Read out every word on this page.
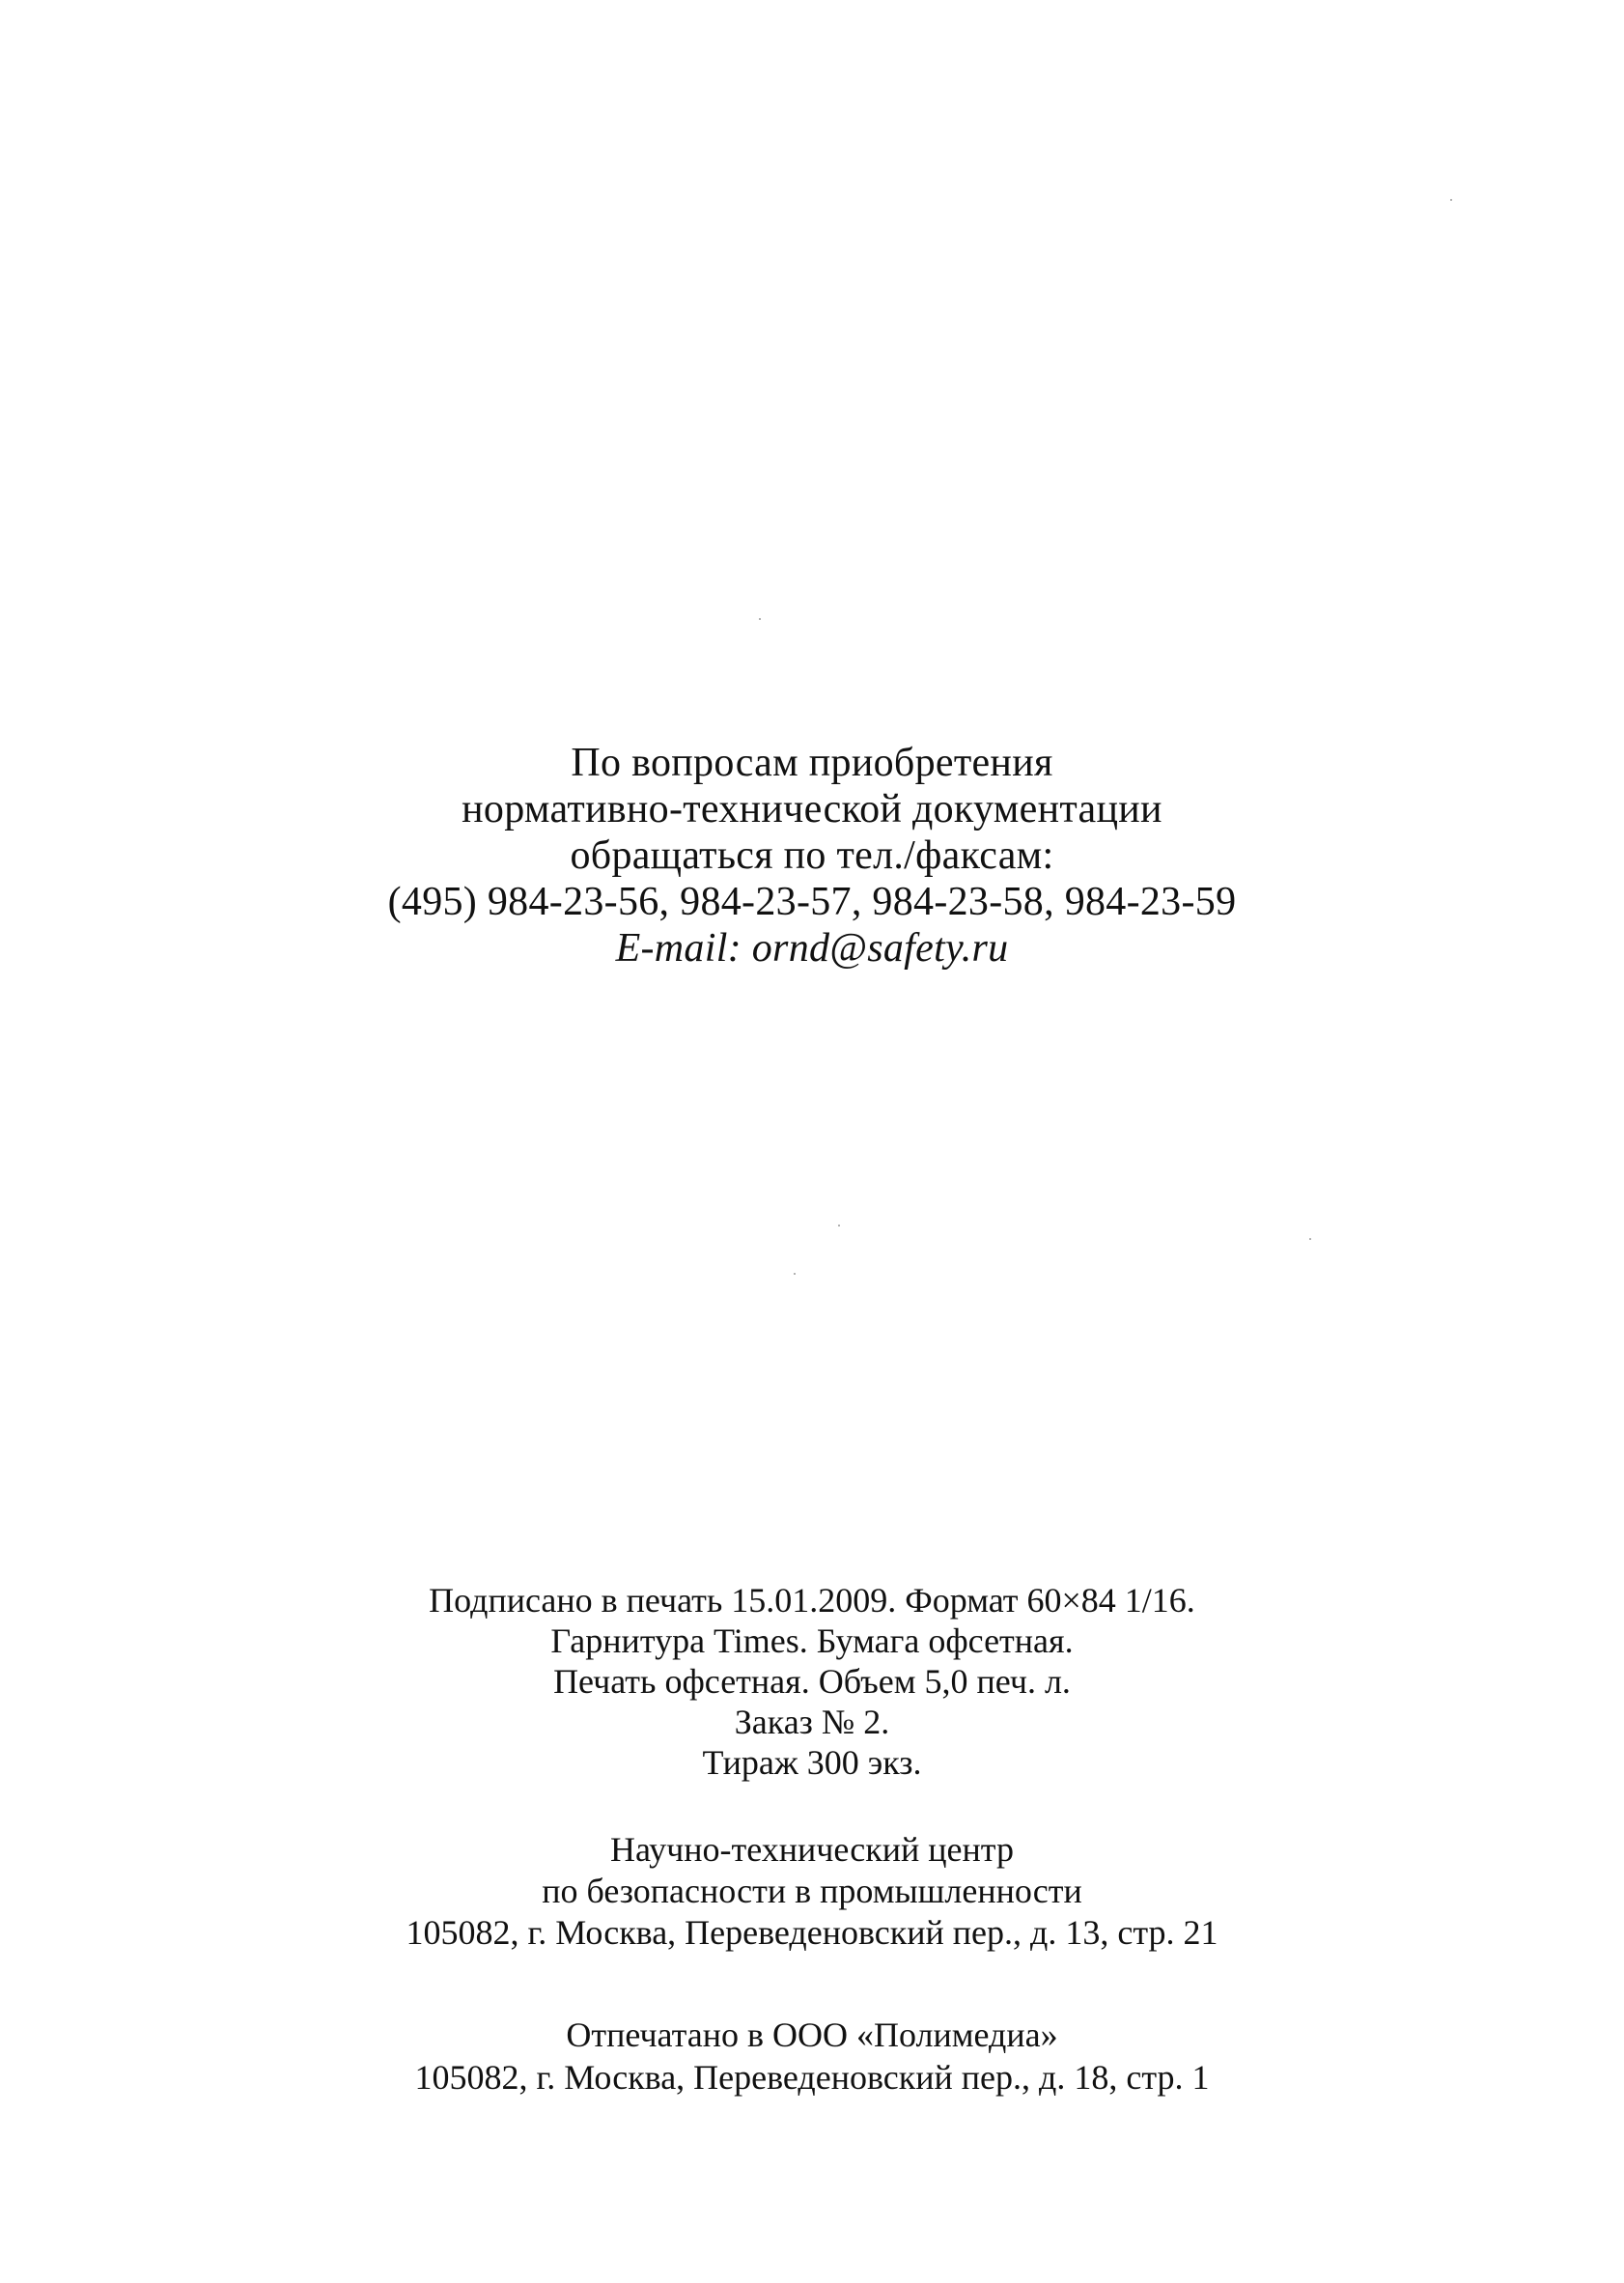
По вопросам приобретения
нормативно-технической документации
обращаться по тел./факсам:
(495) 984-23-56, 984-23-57, 984-23-58, 984-23-59
E-mail: ornd@safety.ru
Подписано в печать 15.01.2009. Формат 60×84 1/16.
Гарнитура Times. Бумага офсетная.
Печать офсетная. Объем 5,0 печ. л.
Заказ № 2.
Тираж 300 экз.
Научно-технический центр
по безопасности в промышленности
105082, г. Москва, Переведеновский пер., д. 13, стр. 21
Отпечатано в ООО «Полимедиа»
105082, г. Москва, Переведеновский пер., д. 18, стр. 1
